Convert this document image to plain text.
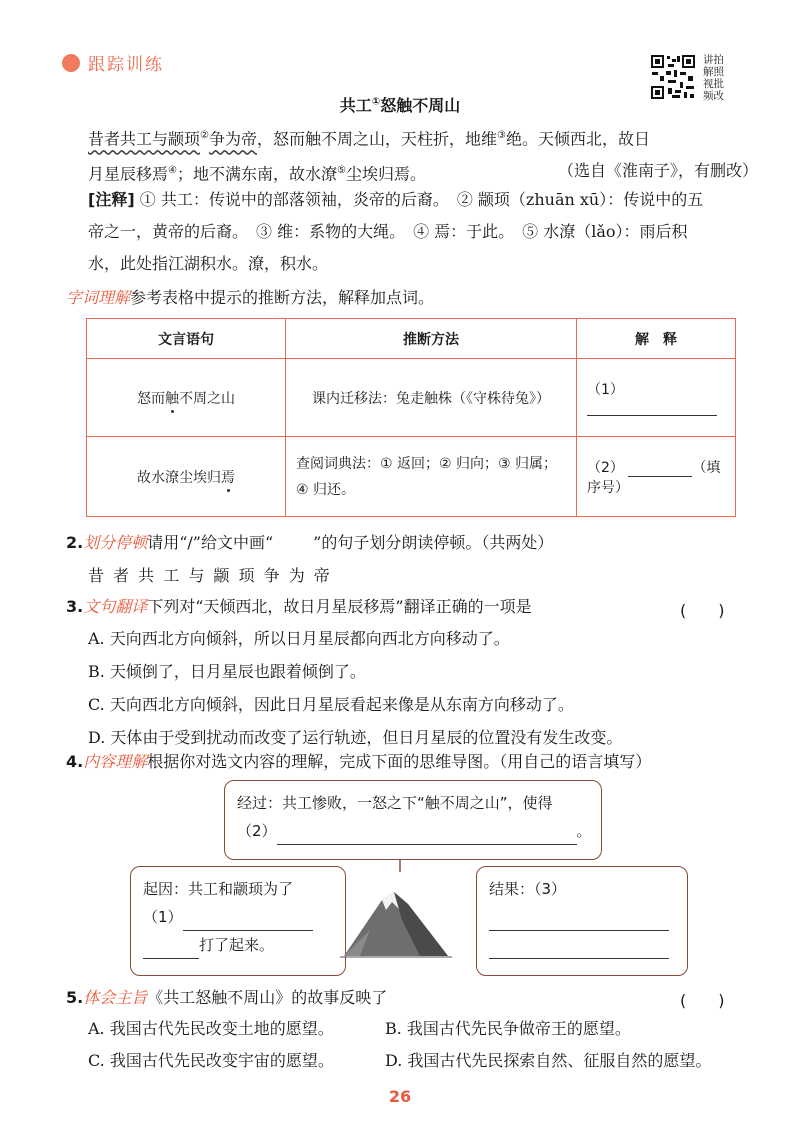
跟踪训练	讲拍
解照
视批
频改
共工①怒触不周山
昔者共工与颛顼②争为帝，怒而触不周之山，天柱折，地维③绝。天倾西北，故日
月星辰移焉④；地不满东南，故水潦⑤尘埃归焉。	（选自《淮南子》，有删改）
[注释] ① 共工：传说中的部落领袖，炎帝的后裔。　② 颛顼（zhuān xū）：传说中的五
帝之一，黄帝的后裔。　③ 维：系物的大绳。　④ 焉：于此。　⑤ 水潦（lǎo）：雨后积
水，此处指江湖积水。潦，积水。
字词理解参考表格中提示的推断方法，解释加点词。
文言语句	推断方法	解　释
怒而触不周之山	课内迁移法：兔走触株（《守株待兔》）	（1）
故水潦尘埃归焉	查阅词典法：① 返回；② 归向；③ 归属；④ 归还。	（2） （填序号）
2.划分停顿请用“/”给文中画“	”的句子划分朗读停顿。（共两处）
昔 者 共 工 与 颛 顼 争 为 帝
3.文句翻译下列对“天倾西北，故日月星辰移焉”翻译正确的一项是	(　　)
A. 天向西北方向倾斜，所以日月星辰都向西北方向移动了。
B. 天倾倒了，日月星辰也跟着倾倒了。
C. 天向西北方向倾斜，因此日月星辰看起来像是从东南方向移动了。
D. 天体由于受到扰动而改变了运行轨迹，但日月星辰的位置没有发生改变。
4.内容理解根据你对选文内容的理解，完成下面的思维导图。（用自己的语言填写）
经过：共工惨败，一怒之下“触不周之山”，使得
（2）	。
起因：共工和颛顼为了
（1）
打了起来。
结果：（3）
5.体会主旨《共工怒触不周山》的故事反映了	(　　)
A. 我国古代先民改变土地的愿望。	B. 我国古代先民争做帝王的愿望。
C. 我国古代先民改变宇宙的愿望。	D. 我国古代先民探索自然、征服自然的愿望。
26
